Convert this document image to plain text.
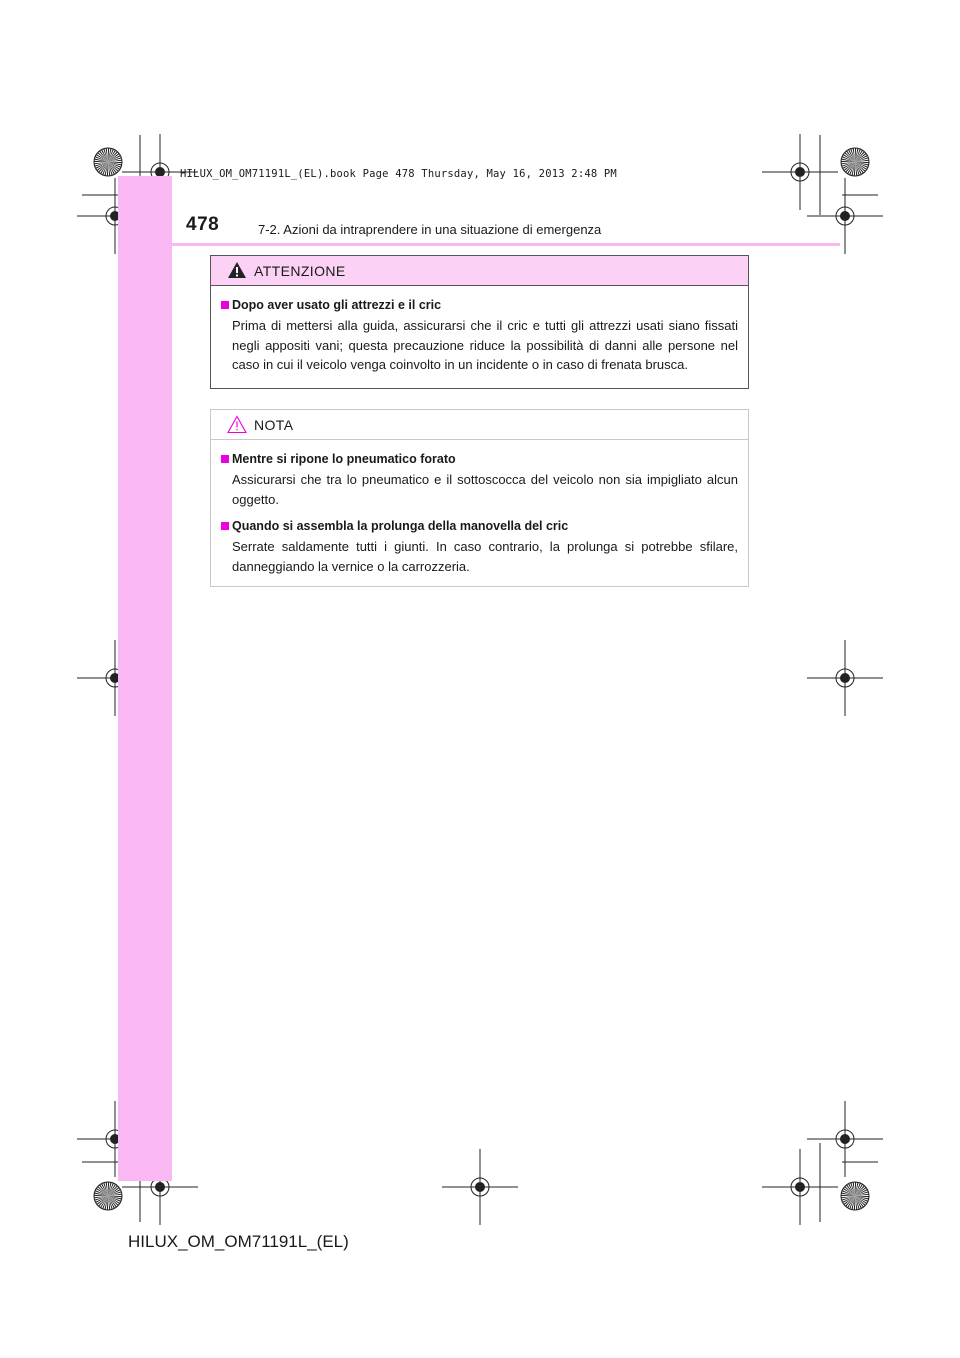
HILUX_OM_OM71191L_(EL).book Page 478 Thursday, May 16, 2013 2:48 PM
478	7-2. Azioni da intraprendere in una situazione di emergenza
ATTENZIONE
Dopo aver usato gli attrezzi e il cric
Prima di mettersi alla guida, assicurarsi che il cric e tutti gli attrezzi usati siano fissati negli appositi vani; questa precauzione riduce la possibilità di danni alle persone nel caso in cui il veicolo venga coinvolto in un incidente o in caso di frenata brusca.
NOTA
Mentre si ripone lo pneumatico forato
Assicurarsi che tra lo pneumatico e il sottoscocca del veicolo non sia impigliato alcun oggetto.
Quando si assembla la prolunga della manovella del cric
Serrate saldamente tutti i giunti. In caso contrario, la prolunga si potrebbe sfilare, danneggiando la vernice o la carrozzeria.
HILUX_OM_OM71191L_(EL)
